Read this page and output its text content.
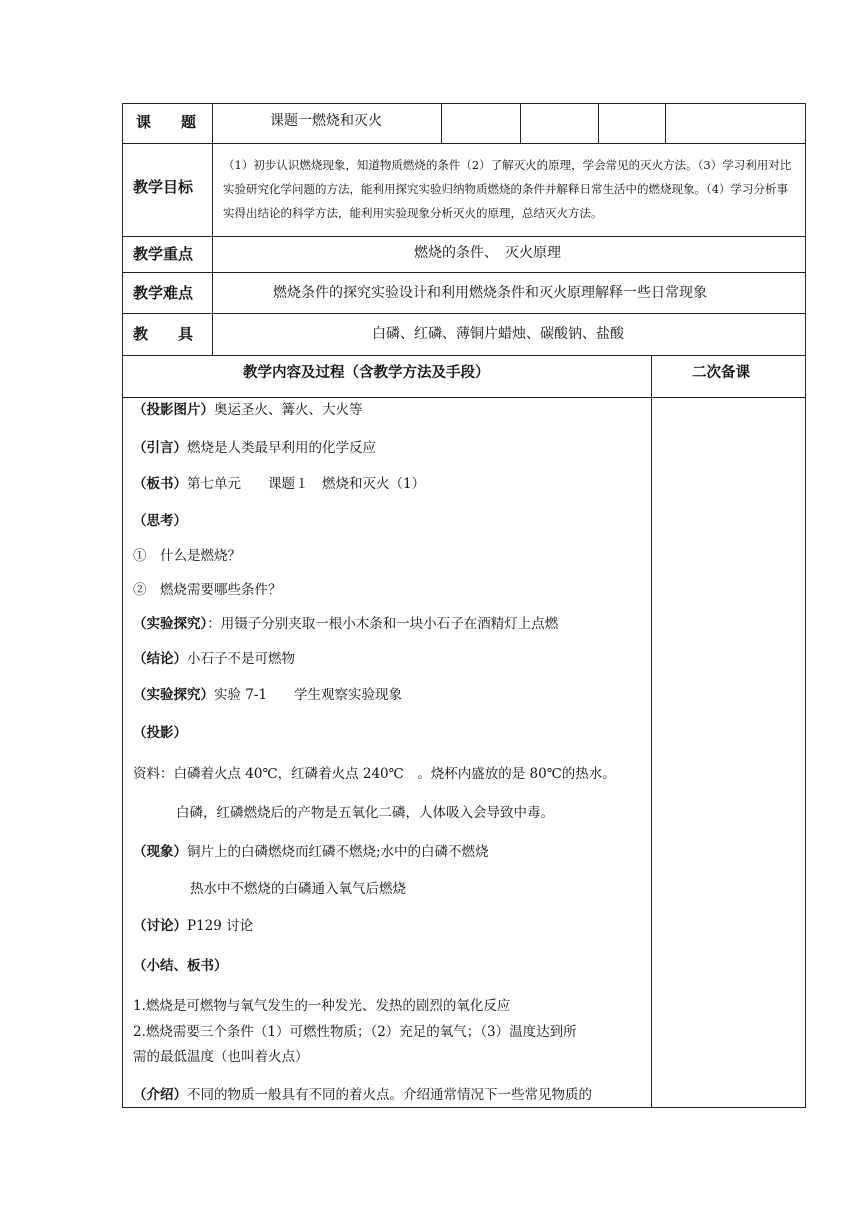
课　　题	课题一燃烧和灭火
教学目标
（1）初步认识燃烧现象，知道物质燃烧的条件（2）了解灭火的原理，学会常见的灭火方法。（3）学习利用对比实验研究化学问题的方法，能利用探究实验归纳物质燃烧的条件并解释日常生活中的燃烧现象。（4）学习分析事实得出结论的科学方法，能利用实验现象分析灭火的原理，总结灭火方法。
教学重点	燃烧的条件、　灭火原理
教学难点	燃烧条件的探究实验设计和利用燃烧条件和灭火原理解释一些日常现象
教　　具	白磷、红磷、薄铜片蜡烛、碳酸钠、盐酸
教学内容及过程（含教学方法及手段）	二次备课
（投影图片）奥运圣火、篝火、大火等
（引言）燃烧是人类最早利用的化学反应
（板书）第七单元　　课题１　燃烧和灭火（1）
（思考）
①　什么是燃烧？
②　燃烧需要哪些条件？
（实验探究）：用镊子分别夹取一根小木条和一块小石子在酒精灯上点燃
（结论）小石子不是可燃物
（实验探究）实验 7-1　　学生观察实验现象
（投影）
资料：白磷着火点 40℃，红磷着火点 240℃　。烧杯内盛放的是 80℃的热水。
白磷，红磷燃烧后的产物是五氧化二磷，人体吸入会导致中毒。
（现象）铜片上的白磷燃烧而红磷不燃烧;水中的白磷不燃烧
热水中不燃烧的白磷通入氧气后燃烧
（讨论）P129 讨论
（小结、板书）
1.燃烧是可燃物与氧气发生的一种发光、发热的剧烈的氧化反应
2.燃烧需要三个条件（1）可燃性物质；（2）充足的氧气；（3）温度达到所
需的最低温度（也叫着火点）
（介绍）不同的物质一般具有不同的着火点。介绍通常情况下一些常见物质的
